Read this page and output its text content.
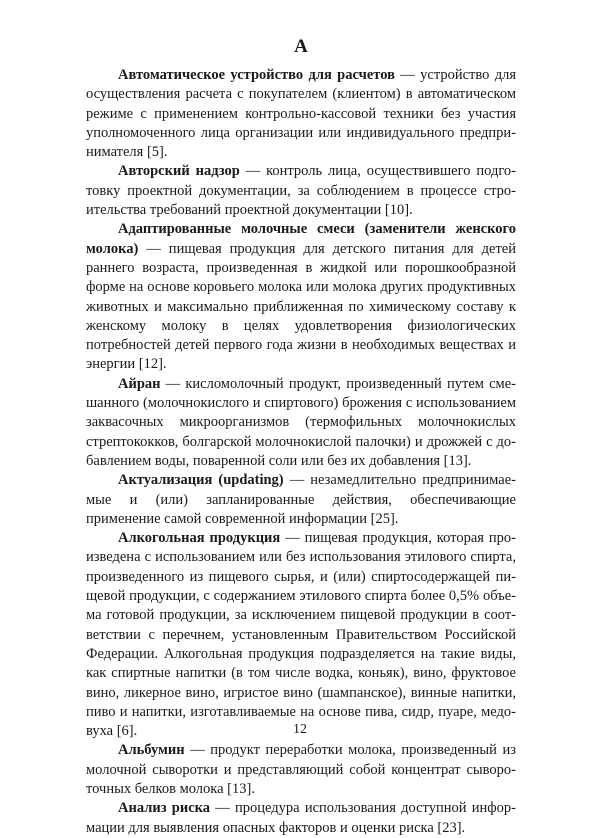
А

Автоматическое устройство для расчетов — устройство для осуществления расчета с покупателем (клиентом) в автоматическом режиме с применением контрольно-кассовой техники без участия уполномоченного лица организации или индивидуального предпринимателя [5].

Авторский надзор — контроль лица, осуществившего подготовку проектной документации, за соблюдением в процессе строительства требований проектной документации [10].

Адаптированные молочные смеси (заменители женского молока) — пищевая продукция для детского питания для детей раннего возраста, произведенная в жидкой или порошкообразной форме на основе коровьего молока или молока других продуктивных животных и максимально приближенная по химическому составу к женскому молоку в целях удовлетворения физиологических потребностей детей первого года жизни в необходимых веществах и энергии [12].

Айран — кисломолочный продукт, произведенный путем смешанного (молочнокислого и спиртового) брожения с использованием заквасочных микроорганизмов (термофильных молочнокислых стрептококков, болгарской молочнокислой палочки) и дрожжей с добавлением воды, поваренной соли или без их добавления [13].

Актуализация (updating) — незамедлительно предпринимаемые и (или) запланированные действия, обеспечивающие применение самой современной информации [25].

Алкогольная продукция — пищевая продукция, которая произведена с использованием или без использования этилового спирта, произведенного из пищевого сырья, и (или) спиртосодержащей пищевой продукции, с содержанием этилового спирта более 0,5% объема готовой продукции, за исключением пищевой продукции в соответствии с перечнем, установленным Правительством Российской Федерации. Алкогольная продукция подразделяется на такие виды, как спиртные напитки (в том числе водка, коньяк), вино, фруктовое вино, ликерное вино, игристое вино (шампанское), винные напитки, пиво и напитки, изготавливаемые на основе пива, сидр, пуаре, медовуха [6].

Альбумин — продукт переработки молока, произведенный из молочной сыворотки и представляющий собой концентрат сывороточных белков молока [13].

Анализ риска — процедура использования доступной информации для выявления опасных факторов и оценки риска [23].

12
